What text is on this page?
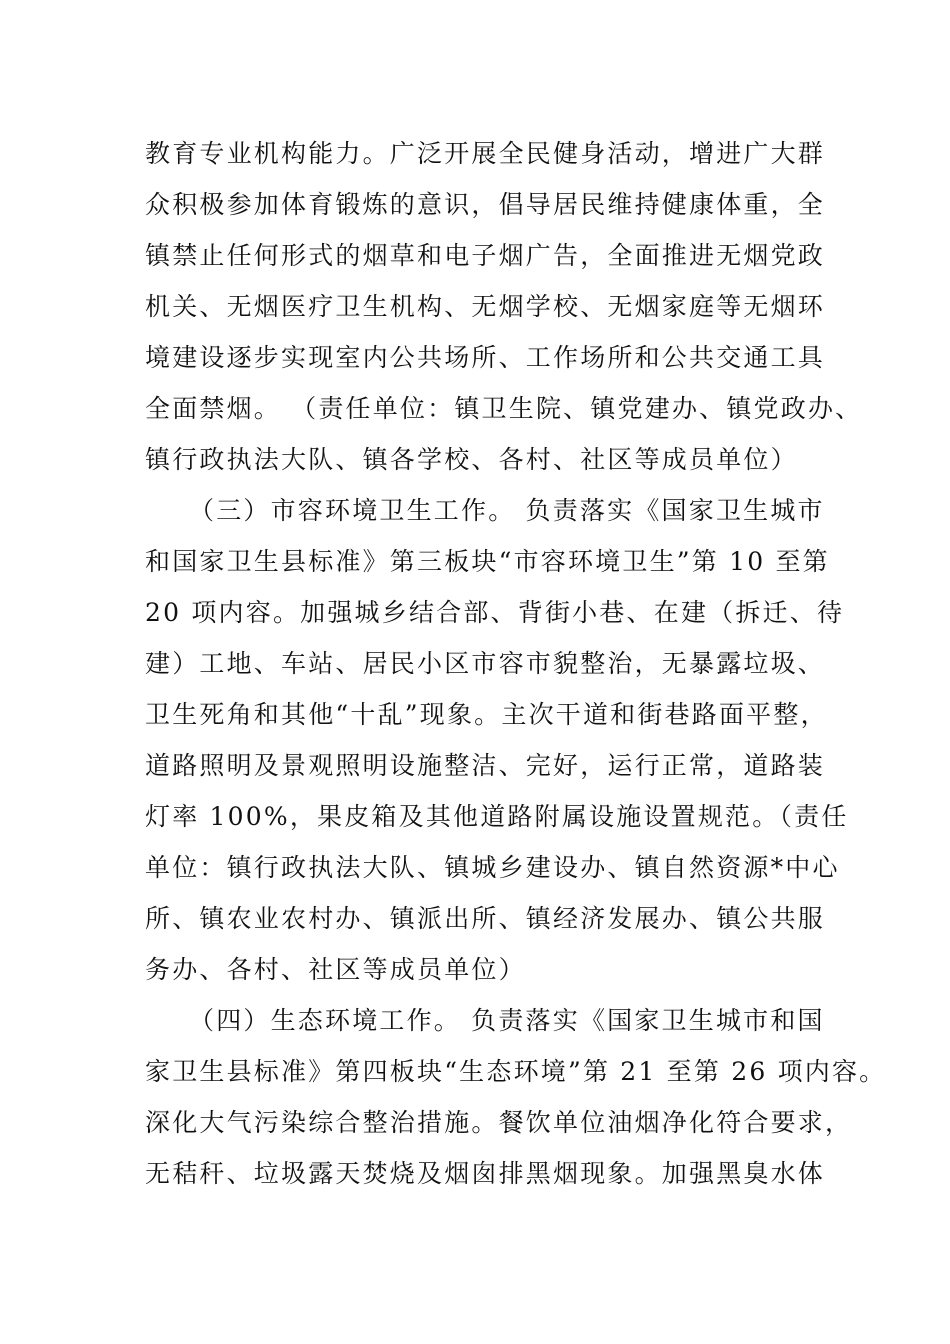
教育专业机构能力。广泛开展全民健身活动，增进广大群
众积极参加体育锻炼的意识，倡导居民维持健康体重，全
镇禁止任何形式的烟草和电子烟广告，全面推进无烟党政
机关、无烟医疗卫生机构、无烟学校、无烟家庭等无烟环
境建设逐步实现室内公共场所、工作场所和公共交通工具
全面禁烟。 （责任单位：镇卫生院、镇党建办、镇党政办、
镇行政执法大队、镇各学校、各村、社区等成员单位）
（三）市容环境卫生工作。 负责落实《国家卫生城市
和国家卫生县标准》第三板块“市容环境卫生”第 10 至第
20 项内容。加强城乡结合部、背街小巷、在建（拆迁、待
建）工地、车站、居民小区市容市貌整治，无暴露垃圾、
卫生死角和其他“十乱”现象。主次干道和街巷路面平整，
道路照明及景观照明设施整洁、完好，运行正常，道路装
灯率 100%，果皮箱及其他道路附属设施设置规范。（责任
单位：镇行政执法大队、镇城乡建设办、镇自然资源*中心
所、镇农业农村办、镇派出所、镇经济发展办、镇公共服
务办、各村、社区等成员单位）
（四）生态环境工作。 负责落实《国家卫生城市和国
家卫生县标准》第四板块“生态环境”第 21 至第 26 项内容。
深化大气污染综合整治措施。餐饮单位油烟净化符合要求，
无秸秆、垃圾露天焚烧及烟囱排黑烟现象。加强黑臭水体
